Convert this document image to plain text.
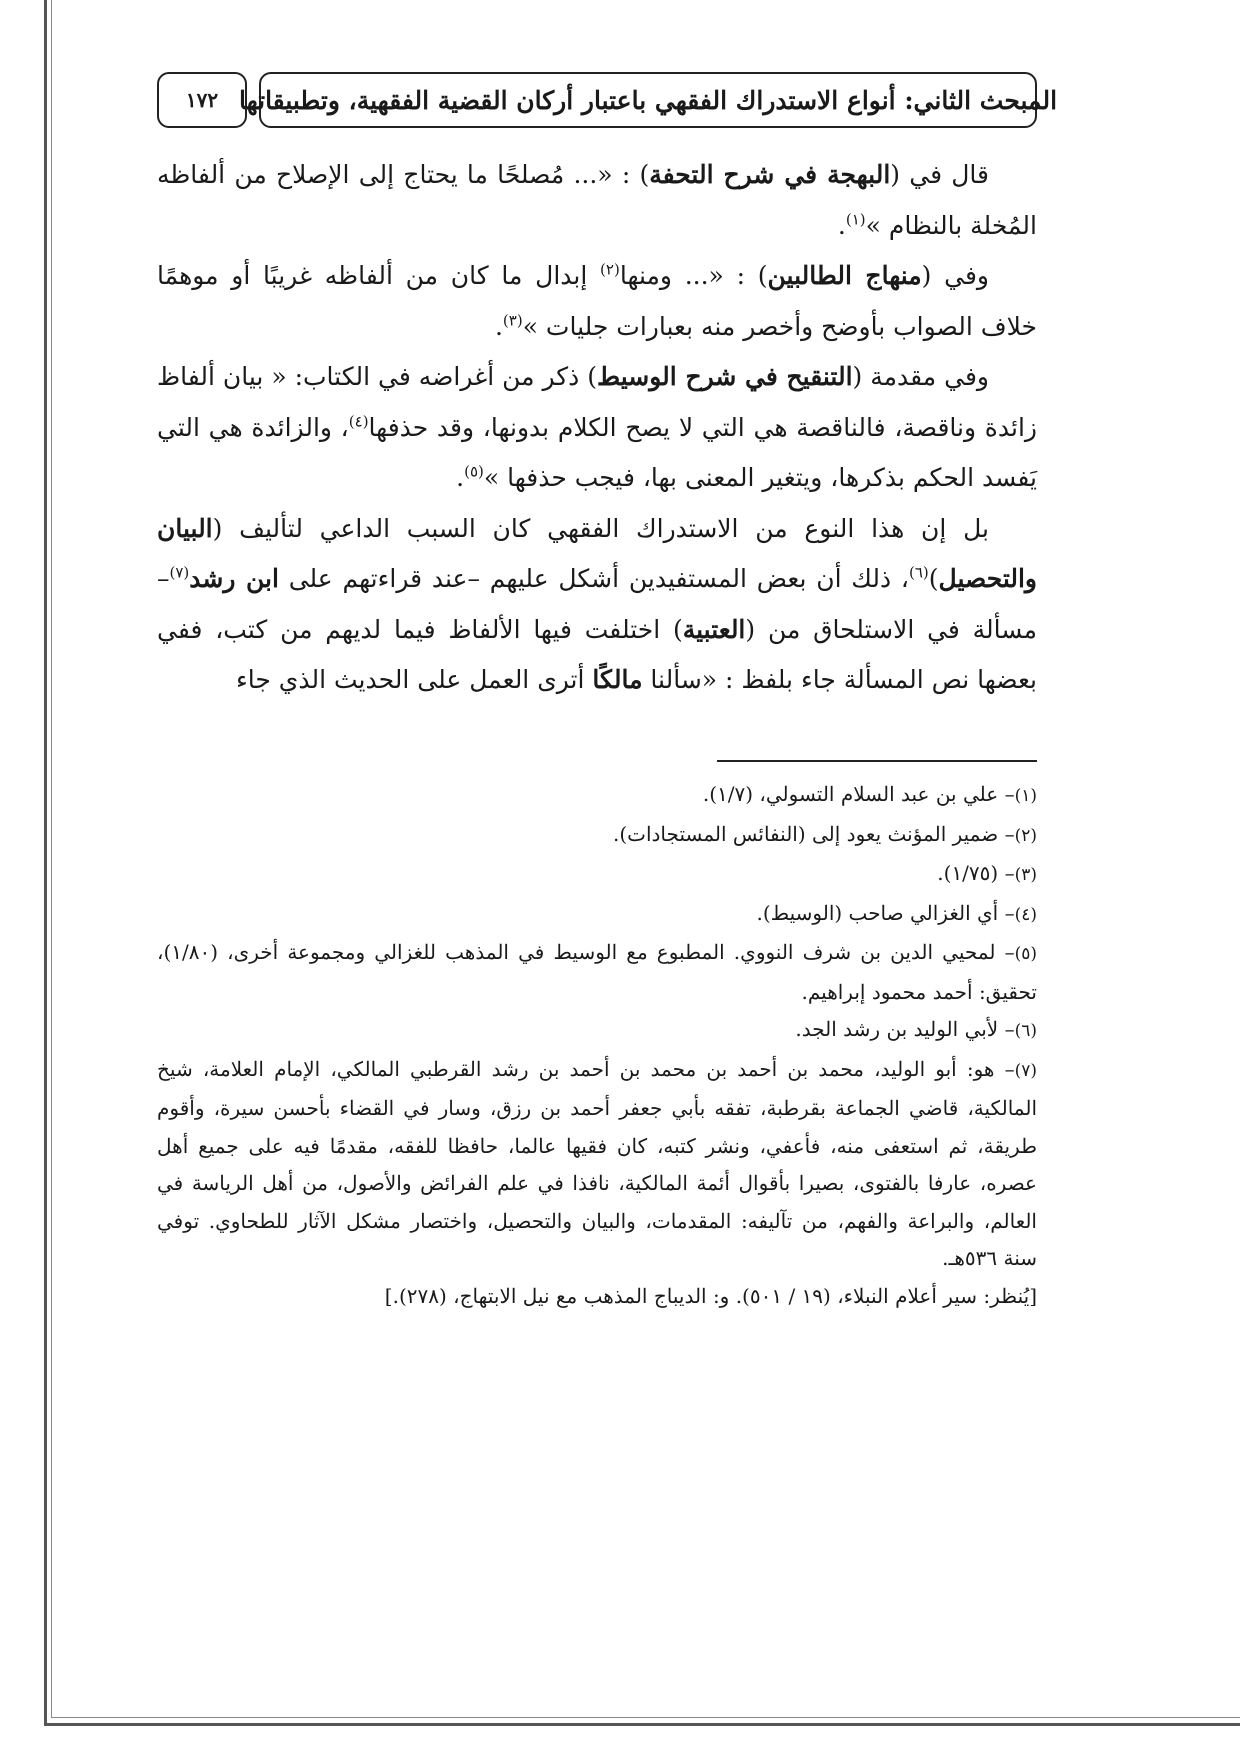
المبحث الثاني: أنواع الاستدراك الفقهي باعتبار أركان القضية الفقهية، وتطبيقاتها
١٧٢

قال في (البهجة في شرح التحفة) : «... مُصلحًا ما يحتاج إلى الإصلاح من ألفاظه المُخلة بالنظام »$^{(١)}$.

وفي (منهاج الطالبين) : «... ومنها$^{(٢)}$ إبدال ما كان من ألفاظه غريبًا أو موهمًا خلاف الصواب بأوضح وأخصر منه بعبارات جليات »$^{(٣)}$.

وفي مقدمة (التنقيح في شرح الوسيط) ذكر من أغراضه في الكتاب: « بيان ألفاظ زائدة وناقصة، فالناقصة هي التي لا يصح الكلام بدونها، وقد حذفها$^{(٤)}$، والزائدة هي التي يَفسد الحكم بذكرها، ويتغير المعنى بها، فيجب حذفها »$^{(٥)}$.

بل إن هذا النوع من الاستدراك الفقهي كان السبب الداعي لتأليف (البيان والتحصيل)$^{(٦)}$، ذلك أن بعض المستفيدين أشكل عليهم –عند قراءتهم على ابن رشد$^{(٧)}$– مسألة في الاستلحاق من (العتبية) اختلفت فيها الألفاظ فيما لديهم من كتب، ففي بعضها نص المسألة جاء بلفظ : «سألنا مالكًا أترى العمل على الحديث الذي جاء

(١)– علي بن عبد السلام التسولي، (١/٧).

(٢)– ضمير المؤنث يعود إلى (النفائس المستجادات).

(٣)– (١/٧٥).

(٤)– أي الغزالي صاحب (الوسيط).

(٥)– لمحيي الدين بن شرف النووي. المطبوع مع الوسيط في المذهب للغزالي ومجموعة أخرى، (١/٨٠)، تحقيق: أحمد محمود إبراهيم.

(٦)– لأبي الوليد بن رشد الجد.

(٧)– هو: أبو الوليد، محمد بن أحمد بن محمد بن أحمد بن رشد القرطبي المالكي، الإمام العلامة، شيخ المالكية، قاضي الجماعة بقرطبة، تفقه بأبي جعفر أحمد بن رزق، وسار في القضاء بأحسن سيرة، وأقوم طريقة، ثم استعفى منه، فأعفي، ونشر كتبه، كان فقيها عالما، حافظا للفقه، مقدمًا فيه على جميع أهل عصره، عارفا بالفتوى، بصيرا بأقوال أئمة المالكية، نافذا في علم الفرائض والأصول، من أهل الرياسة في العالم، والبراعة والفهم، من تآليفه: المقدمات، والبيان والتحصيل، واختصار مشكل الآثار للطحاوي. توفي سنة ٥٣٦هـ.

[يُنظر: سير أعلام النبلاء، (١٩ / ٥٠١). و: الديباج المذهب مع نيل الابتهاج، (٢٧٨).]
